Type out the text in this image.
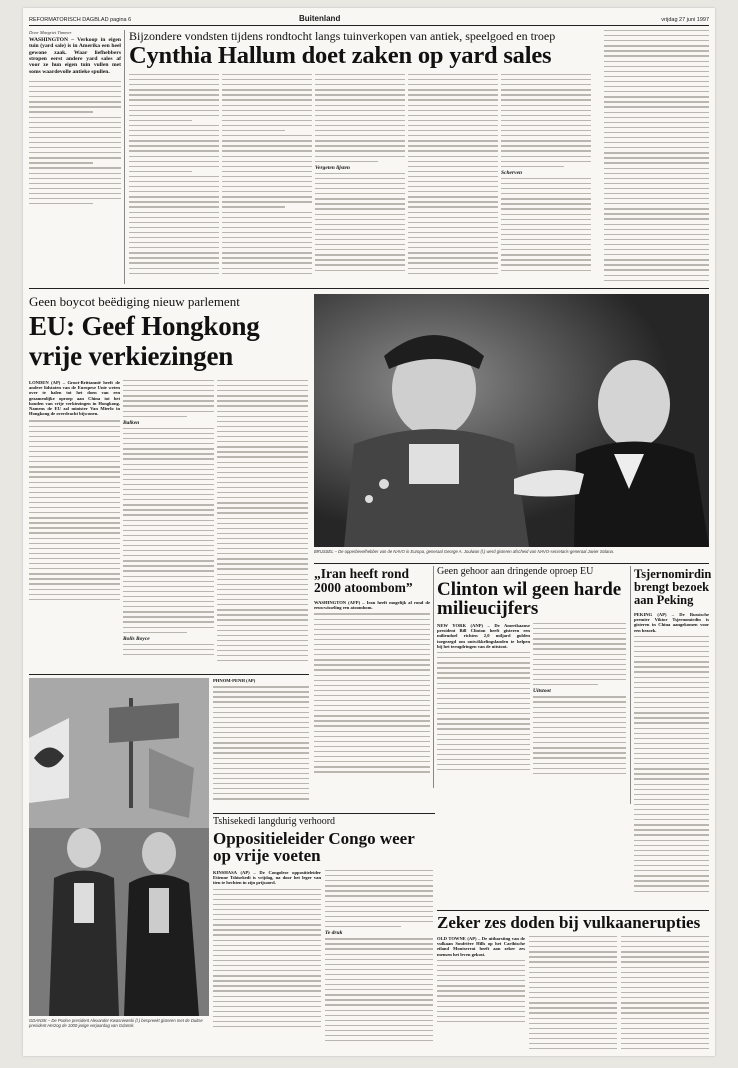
REFORMATORISCH DAGBLAD pagina 6	Buitenland	vrijdag 27 juni 1997
Door Margriet Timmer
WASHINGTON – Verkoop in eigen tuin (yard sale) is in Amerika een heel gewone zaak. Waar liefhebbers stropen eerst andere yard sales af voor ze hun eigen tuin vullen met soms waardevolle antieke spullen.
Bijzondere vondsten tijdens rondtocht langs tuinverkopen van antiek, speelgoed en troep
Cynthia Hallum doet zaken op yard sales
Vergeten lijsten
Scherven
Geen boycot beëdiging nieuw parlement
EU: Geef Hongkong
vrije verkiezingen
LONDEN (AP) – Groot-Brittannië heeft de andere lidstaten van de Europese Unie weten over te halen tot het doen van een gezamenlijke oproep aan China tot het houden van vrije verkiezingen in Hongkong. Namens de EU zal minister Van Mierlo in Hongkong de overdracht bijwonen.
Balken
Rolls Royce
BRUSSEL – De opperbevelhebber van de NAVO in Europa, generaal George A. Joulwan (l.) werd gisteren afscheid van NAVO-secretaris-generaal Javier Solana.
„Iran heeft rond 2000 atoombom”
WASHINGTON (AFP) – Iran heeft mogelijk al rond de eeuwwisseling een atoombom.
Geen gehoor aan dringende oproep EU
Clinton wil geen harde milieucijfers
NEW YORK (ANP) – De Amerikaanse president Bill Clinton heeft gisteren een milieudoel richten 2,0 miljard gulden toegezegd om ontwikkelingslanden te helpen bij het terugdringen van de uitstoot.
Uitstoot
Tsjernomirdin brengt bezoek aan Peking
PEKING (AP) – De Russische premier Viktor Tsjernomirdin is gisteren in China aangekomen voor een bezoek.
GDANSK – De Poolse president Alexander Kwasniewski (l.) bespreekt gisteren met de Duitse president Herzog de 1000-jarige verjaardag van Gdansk.
PHNOM-PENH (AP)
Tshisekedi langdurig verhoord
Oppositieleider Congo weer op vrije voeten
KINSHASA (AP) – De Congolese oppositieleider Etienne Tshisekedi is vrijdag, na door het leger van tien te hechten in zijn prijsoord.
Te druk
Zeker zes doden bij vulkaanerupties
OLD TOWNE (AP) – De uitbarsting van de vulkaan Soufrière Hills op het Caribische eiland Montserrat heeft aan zeker zes mensen het leven gekost.
